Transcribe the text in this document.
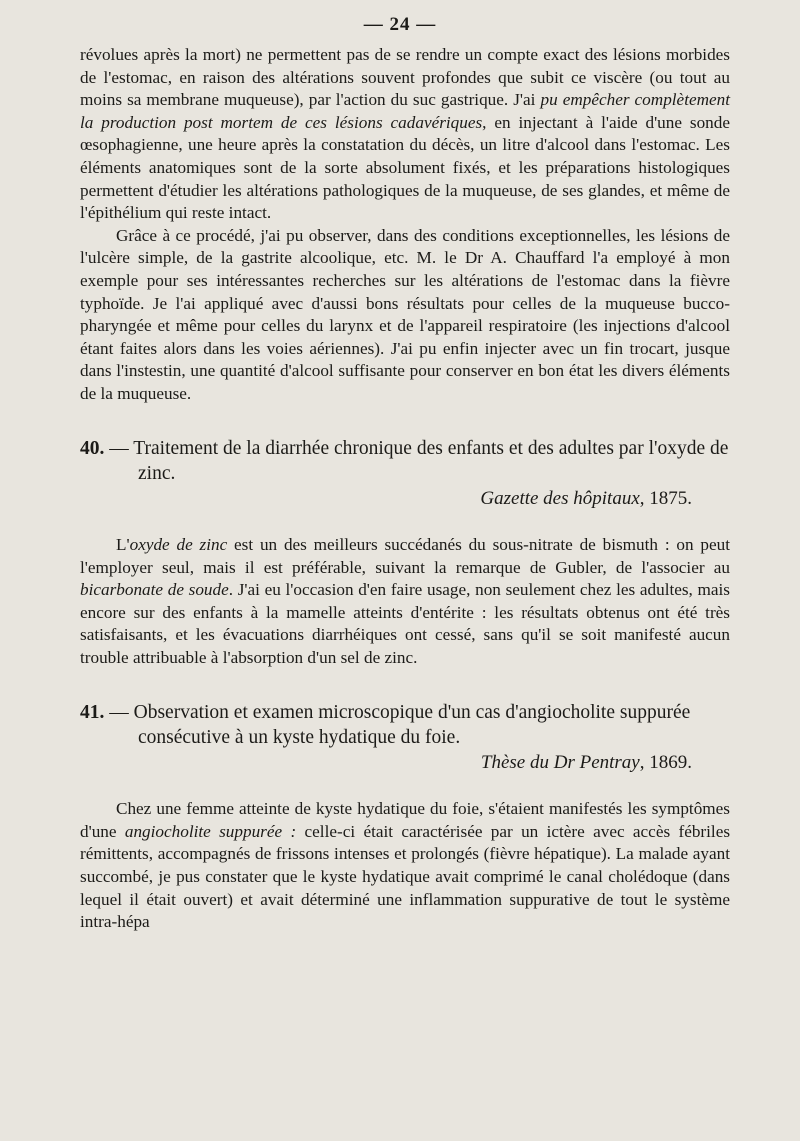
— 24 —

révolues après la mort) ne permettent pas de se rendre un compte exact des lésions morbides de l'estomac, en raison des altérations souvent profondes que subit ce viscère (ou tout au moins sa membrane muqueuse), par l'action du suc gastrique. J'ai pu empêcher complètement la production post mortem de ces lésions cadavériques, en injectant à l'aide d'une sonde œsophagienne, une heure après la constatation du décès, un litre d'alcool dans l'estomac. Les éléments anatomiques sont de la sorte absolument fixés, et les préparations histologiques permettent d'étudier les altérations pathologiques de la muqueuse, de ses glandes, et même de l'épithélium qui reste intact.

Grâce à ce procédé, j'ai pu observer, dans des conditions exceptionnelles, les lésions de l'ulcère simple, de la gastrite alcoolique, etc. M. le Dr A. Chauffard l'a employé à mon exemple pour ses intéressantes recherches sur les altérations de l'estomac dans la fièvre typhoïde. Je l'ai appliqué avec d'aussi bons résultats pour celles de la muqueuse bucco-pharyngée et même pour celles du larynx et de l'appareil respiratoire (les injections d'alcool étant faites alors dans les voies aériennes). J'ai pu enfin injecter avec un fin trocart, jusque dans l'instestin, une quantité d'alcool suffisante pour conserver en bon état les divers éléments de la muqueuse.

40. — Traitement de la diarrhée chronique des enfants et des adultes par l'oxyde de zinc.
Gazette des hôpitaux, 1875.

L'oxyde de zinc est un des meilleurs succédanés du sous-nitrate de bismuth : on peut l'employer seul, mais il est préférable, suivant la remarque de Gubler, de l'associer au bicarbonate de soude. J'ai eu l'occasion d'en faire usage, non seulement chez les adultes, mais encore sur des enfants à la mamelle atteints d'entérite : les résultats obtenus ont été très satisfaisants, et les évacuations diarrhéiques ont cessé, sans qu'il se soit manifesté aucun trouble attribuable à l'absorption d'un sel de zinc.

41. — Observation et examen microscopique d'un cas d'angiocholite suppurée consécutive à un kyste hydatique du foie.
Thèse du Dr Pentray, 1869.

Chez une femme atteinte de kyste hydatique du foie, s'étaient manifestés les symptômes d'une angiocholite suppurée : celle-ci était caractérisée par un ictère avec accès fébriles rémittents, accompagnés de frissons intenses et prolongés (fièvre hépatique). La malade ayant succombé, je pus constater que le kyste hydatique avait comprimé le canal cholédoque (dans lequel il était ouvert) et avait déterminé une inflammation suppurative de tout le système intra-hépa
